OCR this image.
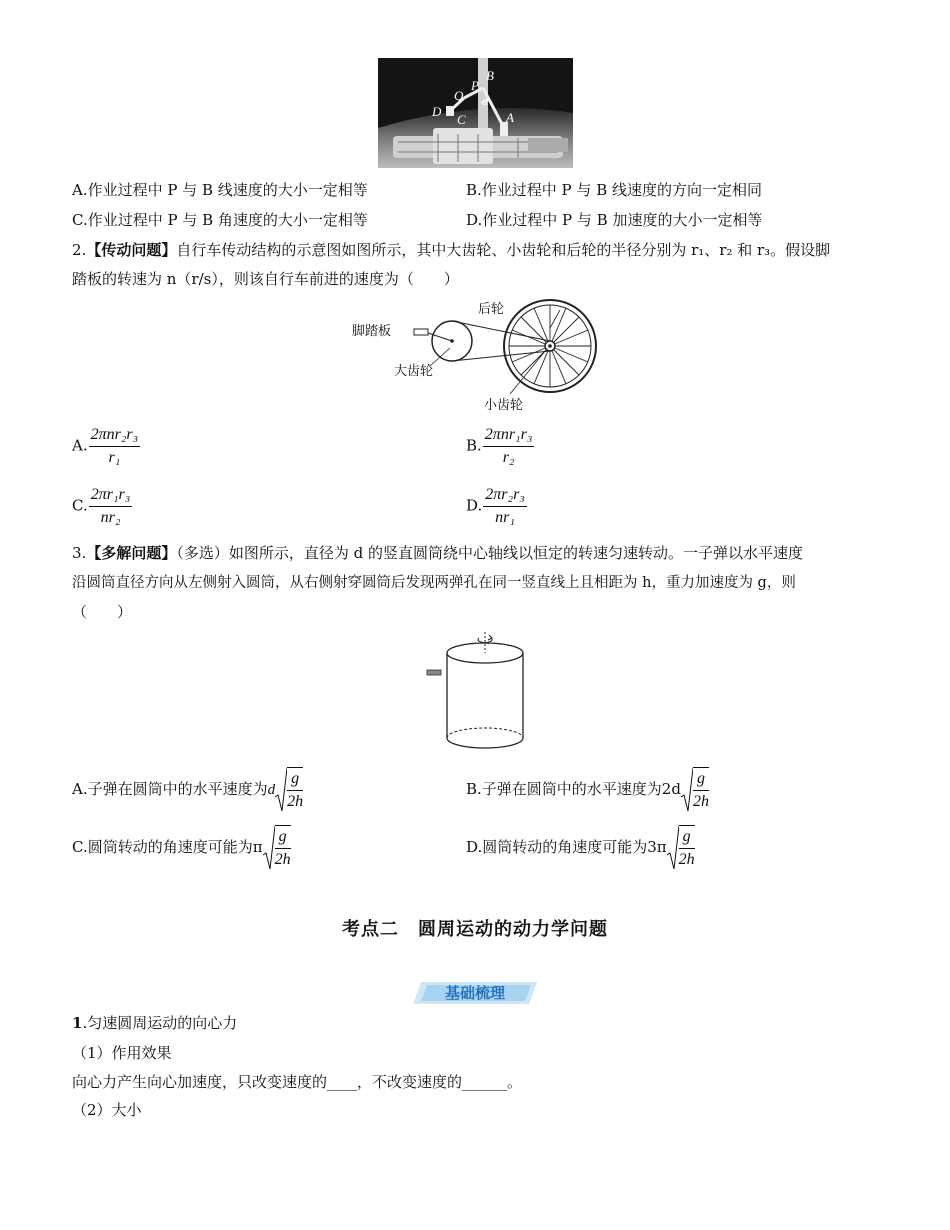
B
P
Q α
D
C	A
A.作业过程中 P 与 B 线速度的大小一定相等	B.作业过程中 P 与 B 线速度的方向一定相同
C.作业过程中 P 与 B 角速度的大小一定相等	D.作业过程中 P 与 B 加速度的大小一定相等
2.【传动问题】自行车传动结构的示意图如图所示，其中大齿轮、小齿轮和后轮的半径分别为 r₁、r₂ 和 r₃。假设脚
踏板的转速为 n（r/s），则该自行车前进的速度为（　　）
脚踏板
后轮
大齿轮
小齿轮
A. $\frac{\text{2πnr₂r₃}}{\text{r₁}}$	B. $\frac{\text{2πnr₁r₃}}{\text{r₂}}$
C. $\frac{\text{2πr₁r₃}}{\text{nr₂}}$	D. $\frac{\text{2πr₂r₃}}{\text{nr₁}}$
3.【多解问题】（多选）如图所示，直径为 d 的竖直圆筒绕中心轴线以恒定的转速匀速转动。一子弹以水平速度
沿圆筒直径方向从左侧射入圆筒，从右侧射穿圆筒后发现两弹孔在同一竖直线上且相距为 h，重力加速度为 g，则
（　　）
A.子弹在圆筒中的水平速度为d $\frac{g}{2h}$	B.子弹在圆筒中的水平速度为$2d \frac{g}{2h}$
C.圆筒转动的角速度可能为π $\frac{g}{2h}$	D.圆筒转动的角速度可能为$3\pi \frac{g}{2h}$
考点二　圆周运动的动力学问题
基础梳理
1.匀速圆周运动的向心力
（1）作用效果
向心力产生向心加速度，只改变速度的____，不改变速度的______。
（2）大小
